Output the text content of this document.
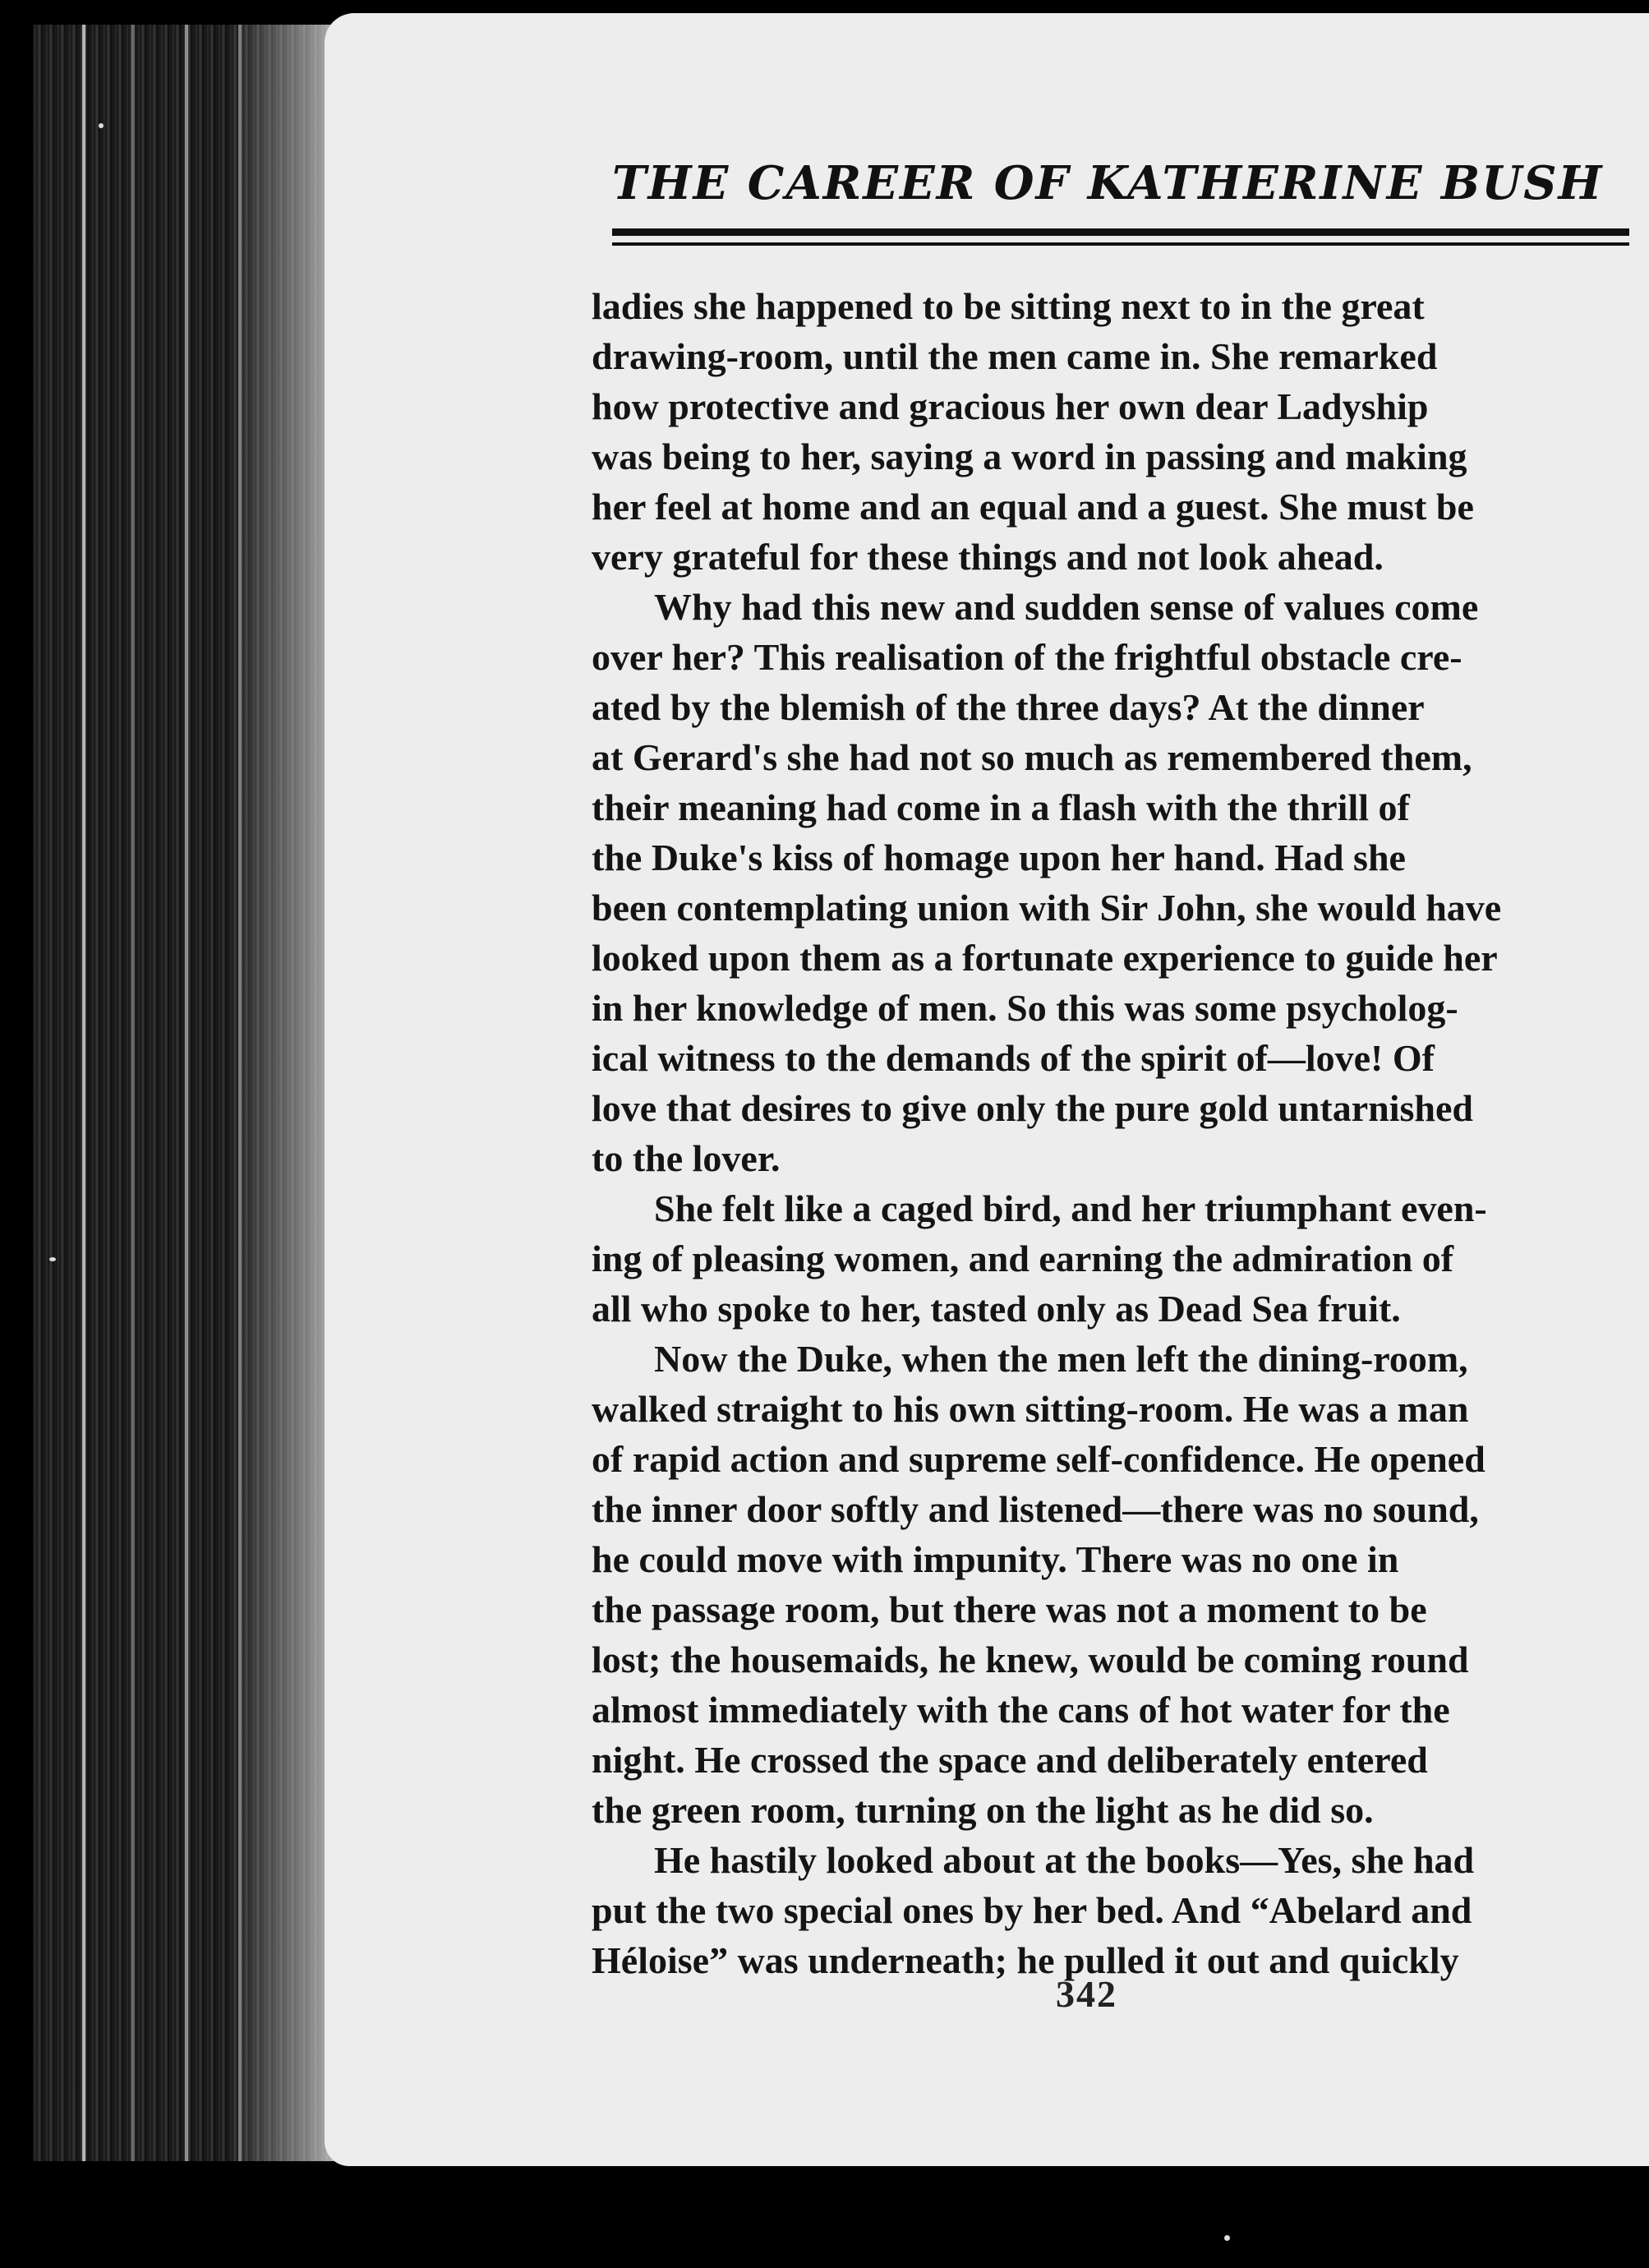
THE CAREER OF KATHERINE BUSH
ladies she happened to be sitting next to in the great
drawing-room, until the men came in. She remarked
how protective and gracious her own dear Ladyship
was being to her, saying a word in passing and making
her feel at home and an equal and a guest. She must be
very grateful for these things and not look ahead.
Why had this new and sudden sense of values come
over her? This realisation of the frightful obstacle cre-
ated by the blemish of the three days? At the dinner
at Gerard's she had not so much as remembered them,
their meaning had come in a flash with the thrill of
the Duke's kiss of homage upon her hand. Had she
been contemplating union with Sir John, she would have
looked upon them as a fortunate experience to guide her
in her knowledge of men. So this was some psycholog-
ical witness to the demands of the spirit of—love! Of
love that desires to give only the pure gold untarnished
to the lover.
She felt like a caged bird, and her triumphant even-
ing of pleasing women, and earning the admiration of
all who spoke to her, tasted only as Dead Sea fruit.
Now the Duke, when the men left the dining-room,
walked straight to his own sitting-room. He was a man
of rapid action and supreme self-confidence. He opened
the inner door softly and listened—there was no sound,
he could move with impunity. There was no one in
the passage room, but there was not a moment to be
lost; the housemaids, he knew, would be coming round
almost immediately with the cans of hot water for the
night. He crossed the space and deliberately entered
the green room, turning on the light as he did so.
He hastily looked about at the books—Yes, she had
put the two special ones by her bed. And “Abelard and
Héloise” was underneath; he pulled it out and quickly
342
